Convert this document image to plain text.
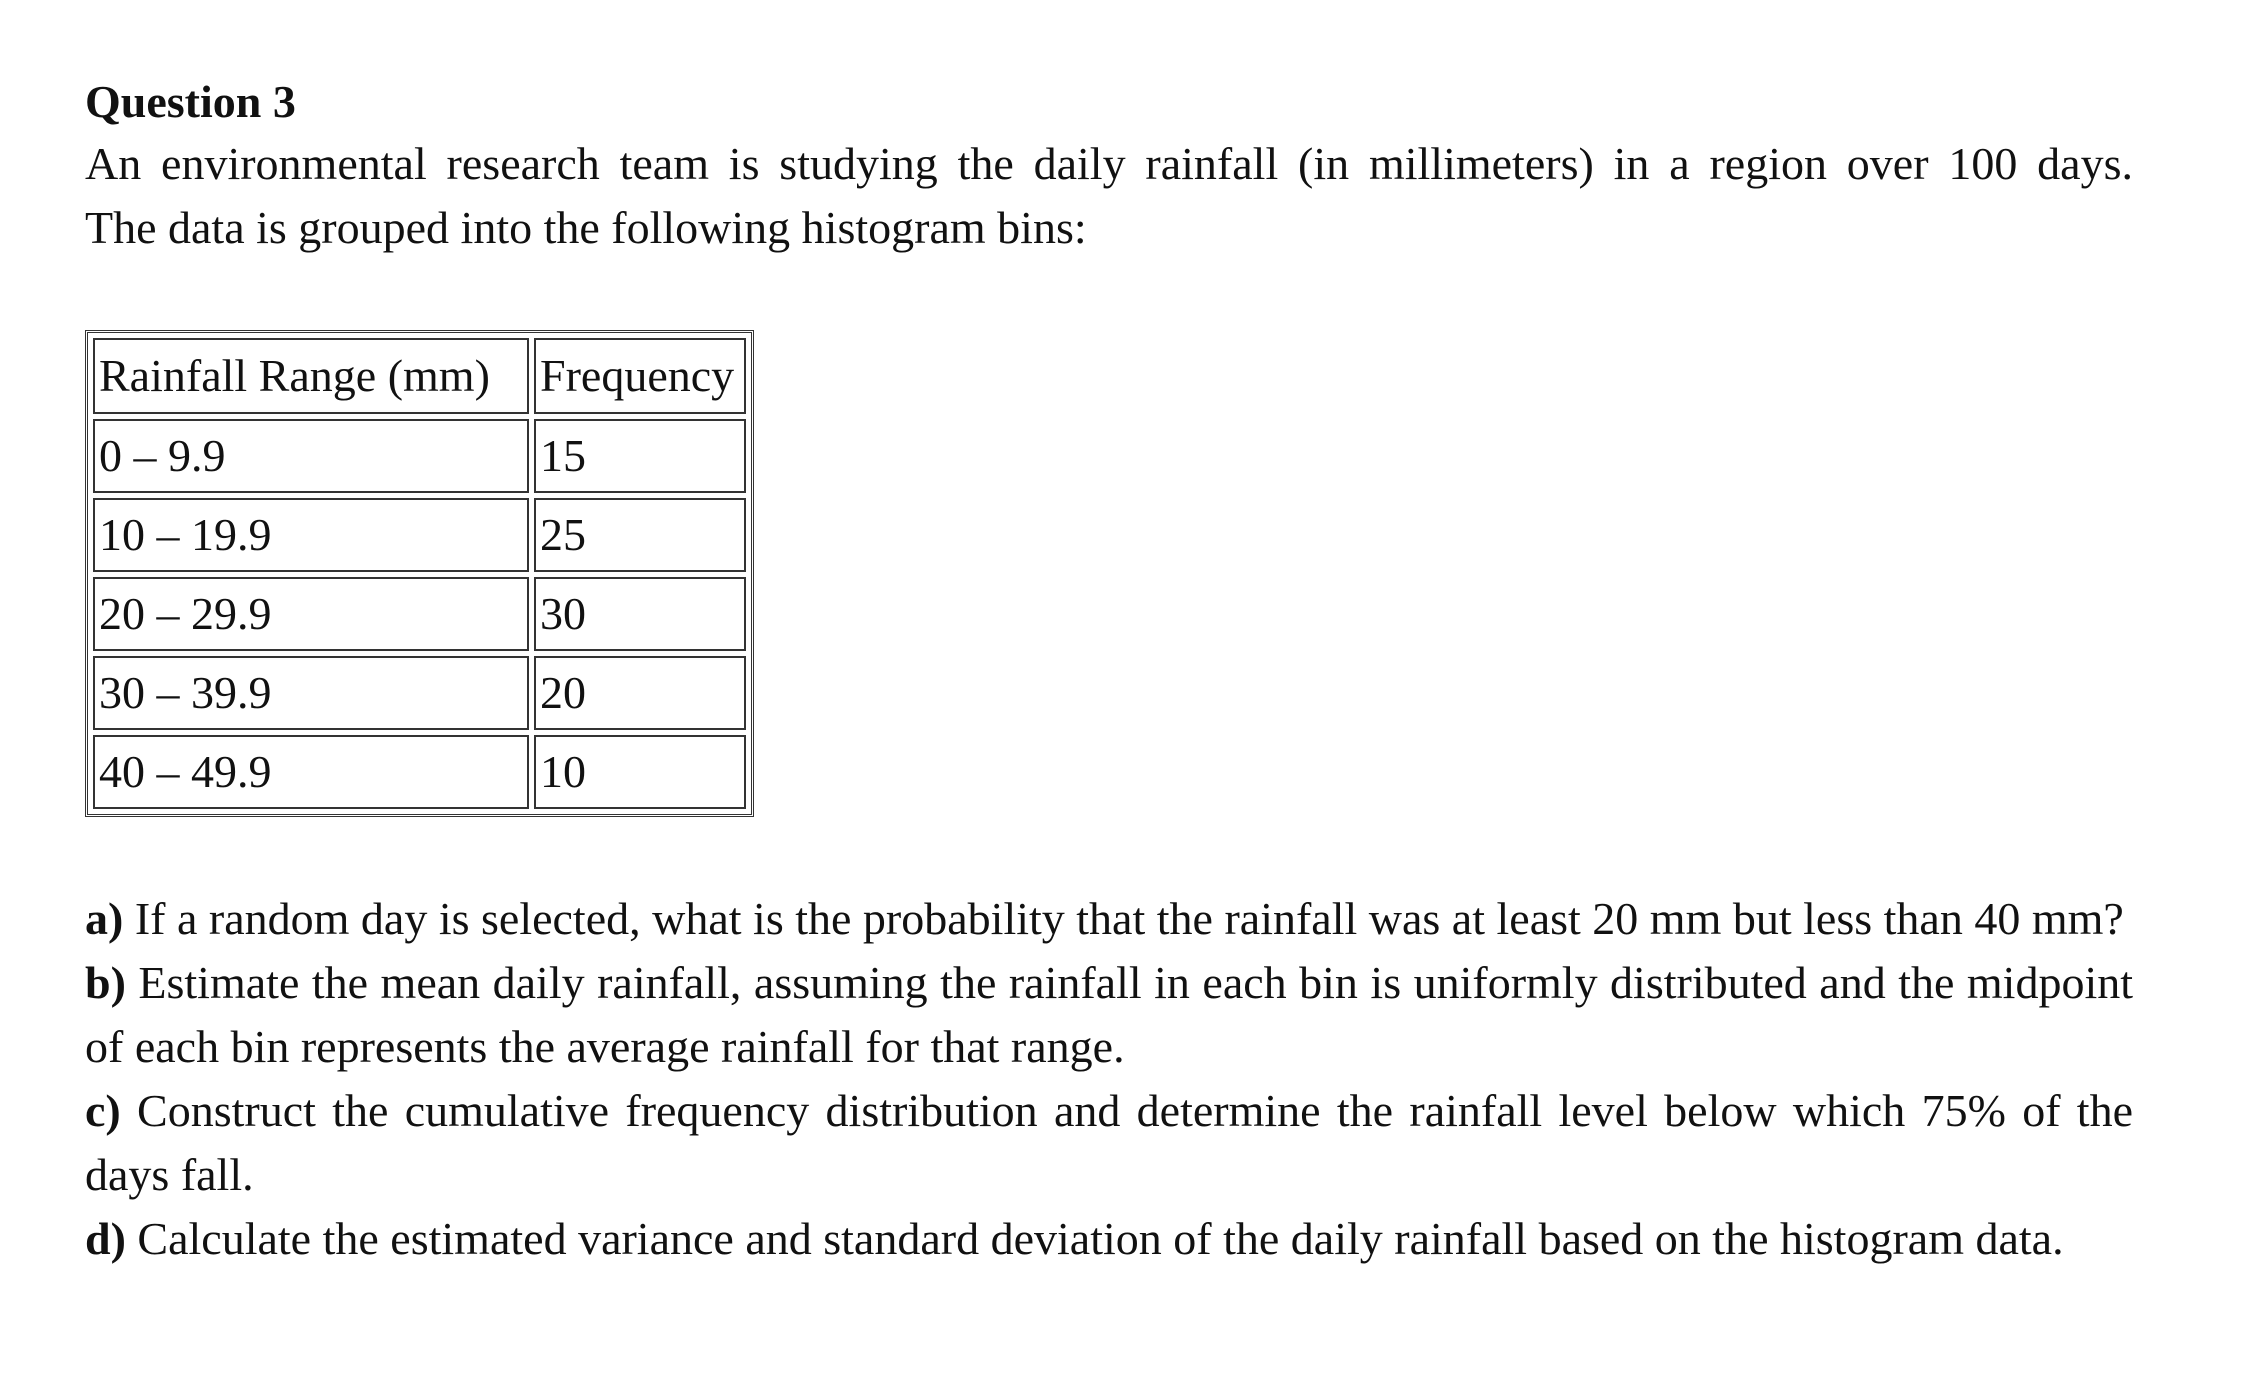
Question 3

An environmental research team is studying the daily rainfall (in millimeters) in a region over 100 days.
The data is grouped into the following histogram bins:

Rainfall Range (mm)	Frequency
0 – 9.9	15
10 – 19.9	25
20 – 29.9	30
30 – 39.9	20
40 – 49.9	10

a) If a random day is selected, what is the probability that the rainfall was at least 20 mm but less than 40 mm?

b) Estimate the mean daily rainfall, assuming the rainfall in each bin is uniformly distributed and the midpoint of each bin represents the average rainfall for that range.

c) Construct the cumulative frequency distribution and determine the rainfall level below which 75% of the days fall.

d) Calculate the estimated variance and standard deviation of the daily rainfall based on the histogram data.
